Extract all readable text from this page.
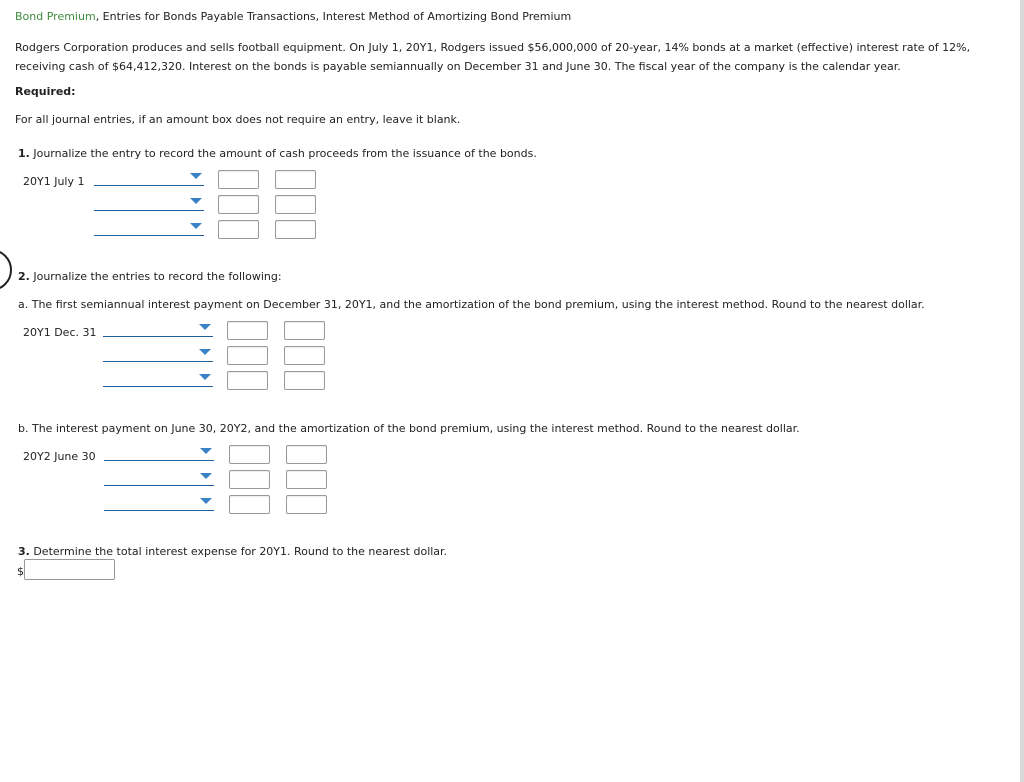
Bond Premium, Entries for Bonds Payable Transactions, Interest Method of Amortizing Bond Premium
Rodgers Corporation produces and sells football equipment. On July 1, 20Y1, Rodgers issued $56,000,000 of 20-year, 14% bonds at a market (effective) interest rate of 12%, receiving cash of $64,412,320. Interest on the bonds is payable semiannually on December 31 and June 30. The fiscal year of the company is the calendar year.
Required:
For all journal entries, if an amount box does not require an entry, leave it blank.
1. Journalize the entry to record the amount of cash proceeds from the issuance of the bonds.
20Y1 July 1
2. Journalize the entries to record the following:
a. The first semiannual interest payment on December 31, 20Y1, and the amortization of the bond premium, using the interest method. Round to the nearest dollar.
20Y1 Dec. 31
b. The interest payment on June 30, 20Y2, and the amortization of the bond premium, using the interest method. Round to the nearest dollar.
20Y2 June 30
3. Determine the total interest expense for 20Y1. Round to the nearest dollar.
$
